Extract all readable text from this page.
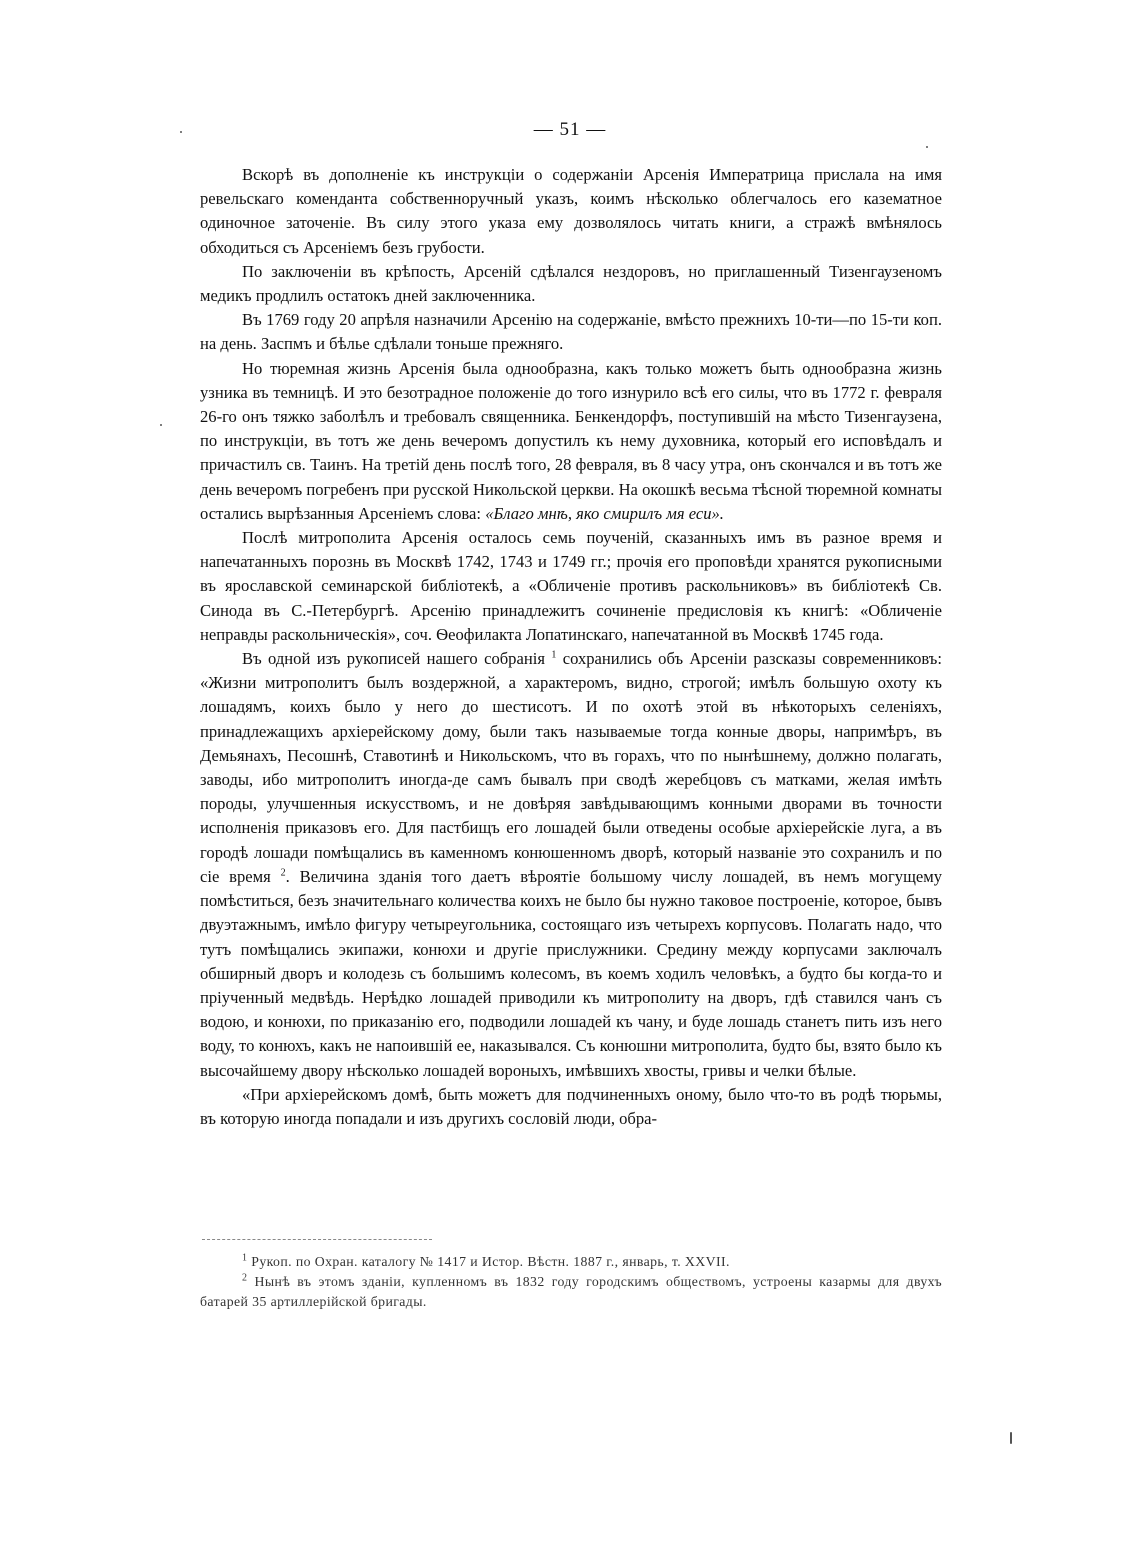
— 51 —

Вскорѣ въ дополненіе къ инструкціи о содержаніи Арсенія Императрица прислала на имя ревельскаго коменданта собственноручный указъ, коимъ нѣсколько облегчалось его казематное одиночное заточеніе. Въ силу этого указа ему дозволялось читать книги, а стражѣ вмѣнялось обходиться съ Арсеніемъ безъ грубости.

По заключеніи въ крѣпость, Арсеній сдѣлался нездоровъ, но приглашенный Тизенгаузеномъ медикъ продлилъ остатокъ дней заключенника.

Въ 1769 году 20 апрѣля назначили Арсенію на содержаніе, вмѣсто прежнихъ 10-ти—по 15-ти коп. на день. Заспмъ и бѣлье сдѣлали тоньше прежняго.

Но тюремная жизнь Арсенія была однообразна, какъ только можетъ быть однообразна жизнь узника въ темницѣ. И это безотрадное положеніе до того изнурило всѣ его силы, что въ 1772 г. февраля 26-го онъ тяжко заболѣлъ и требовалъ священника. Бенкендорфъ, поступившій на мѣсто Тизенгаузена, по инструкціи, въ тотъ же день вечеромъ допустилъ къ нему духовника, который его исповѣдалъ и причастилъ св. Таинъ. На третій день послѣ того, 28 февраля, въ 8 часу утра, онъ скончался и въ тотъ же день вечеромъ погребенъ при русской Никольской церкви. На окошкѣ весьма тѣсной тюремной комнаты остались вырѣзанныя Арсеніемъ слова: «Благо мнѣ, яко смирилъ мя еси».

Послѣ митрополита Арсенія осталось семь поученій, сказанныхъ имъ въ разное время и напечатанныхъ порознь въ Москвѣ 1742, 1743 и 1749 гг.; прочія его проповѣди хранятся рукописными въ ярославской семинарской библіотекѣ, а «Обличеніе противъ раскольниковъ» въ библіотекѣ Св. Синода въ С.-Петербургѣ. Арсенію принадлежитъ сочиненіе предисловія къ книгѣ: «Обличеніе неправды раскольническія», соч. Ѳеофилакта Лопатинскаго, напечатанной въ Москвѣ 1745 года.

Въ одной изъ рукописей нашего собранія $^1$ сохранились объ Арсеніи разсказы современниковъ: «Жизни митрополитъ былъ воздержной, а характеромъ, видно, строгой; имѣлъ большую охоту къ лошадямъ, коихъ было у него до шестисотъ. И по охотѣ этой въ нѣкоторыхъ селеніяхъ, принадлежащихъ архіерейскому дому, были такъ называемые тогда конные дворы, напримѣръ, въ Демьянахъ, Песошнѣ, Ставотинѣ и Никольскомъ, что въ горахъ, что по нынѣшнему, должно полагать, заводы, ибо митрополитъ иногда-де самъ бывалъ при сводѣ жеребцовъ съ матками, желая имѣть породы, улучшенныя искусствомъ, и не довѣряя завѣдывающимъ конными дворами въ точности исполненія приказовъ его. Для пастбищъ его лошадей были отведены особые архіерейскіе луга, а въ городѣ лошади помѣщались въ каменномъ конюшенномъ дворѣ, который названіе это сохранилъ и по сіе время $^2$. Величина зданія того даетъ вѣроятіе большому числу лошадей, въ немъ могущему помѣститься, безъ значительнаго количества коихъ не было бы нужно таковое построеніе, которое, бывъ двуэтажнымъ, имѣло фигуру четыреугольника, состоящаго изъ четырехъ корпусовъ. Полагать надо, что тутъ помѣщались экипажи, конюхи и другіе прислужники. Средину между корпусами заключалъ обширный дворъ и колодезь съ большимъ колесомъ, въ коемъ ходилъ человѣкъ, а будто бы когда-то и пріученный медвѣдь. Нерѣдко лошадей приводили къ митрополиту на дворъ, гдѣ ставился чанъ съ водою, и конюхи, по приказанію его, подводили лошадей къ чану, и буде лошадь станетъ пить изъ него воду, то конюхъ, какъ не напоившій ее, наказывался. Съ конюшни митрополита, будто бы, взято было къ высочайшему двору нѣсколько лошадей вороныхъ, имѣвшихъ хвосты, гривы и челки бѣлые.

«При архіерейскомъ домѣ, быть можетъ для подчиненныхъ оному, было что-то въ родѣ тюрьмы, въ которую иногда попадали и изъ другихъ сословій люди, обра-

$^1$ Рукоп. по Охран. каталогу № 1417 и Истор. Вѣстн. 1887 г., январь, т. XXVII.

$^2$ Нынѣ въ этомъ зданіи, купленномъ въ 1832 году городскимъ обществомъ, устроены казармы для двухъ батарей 35 артиллерійской бригады.
